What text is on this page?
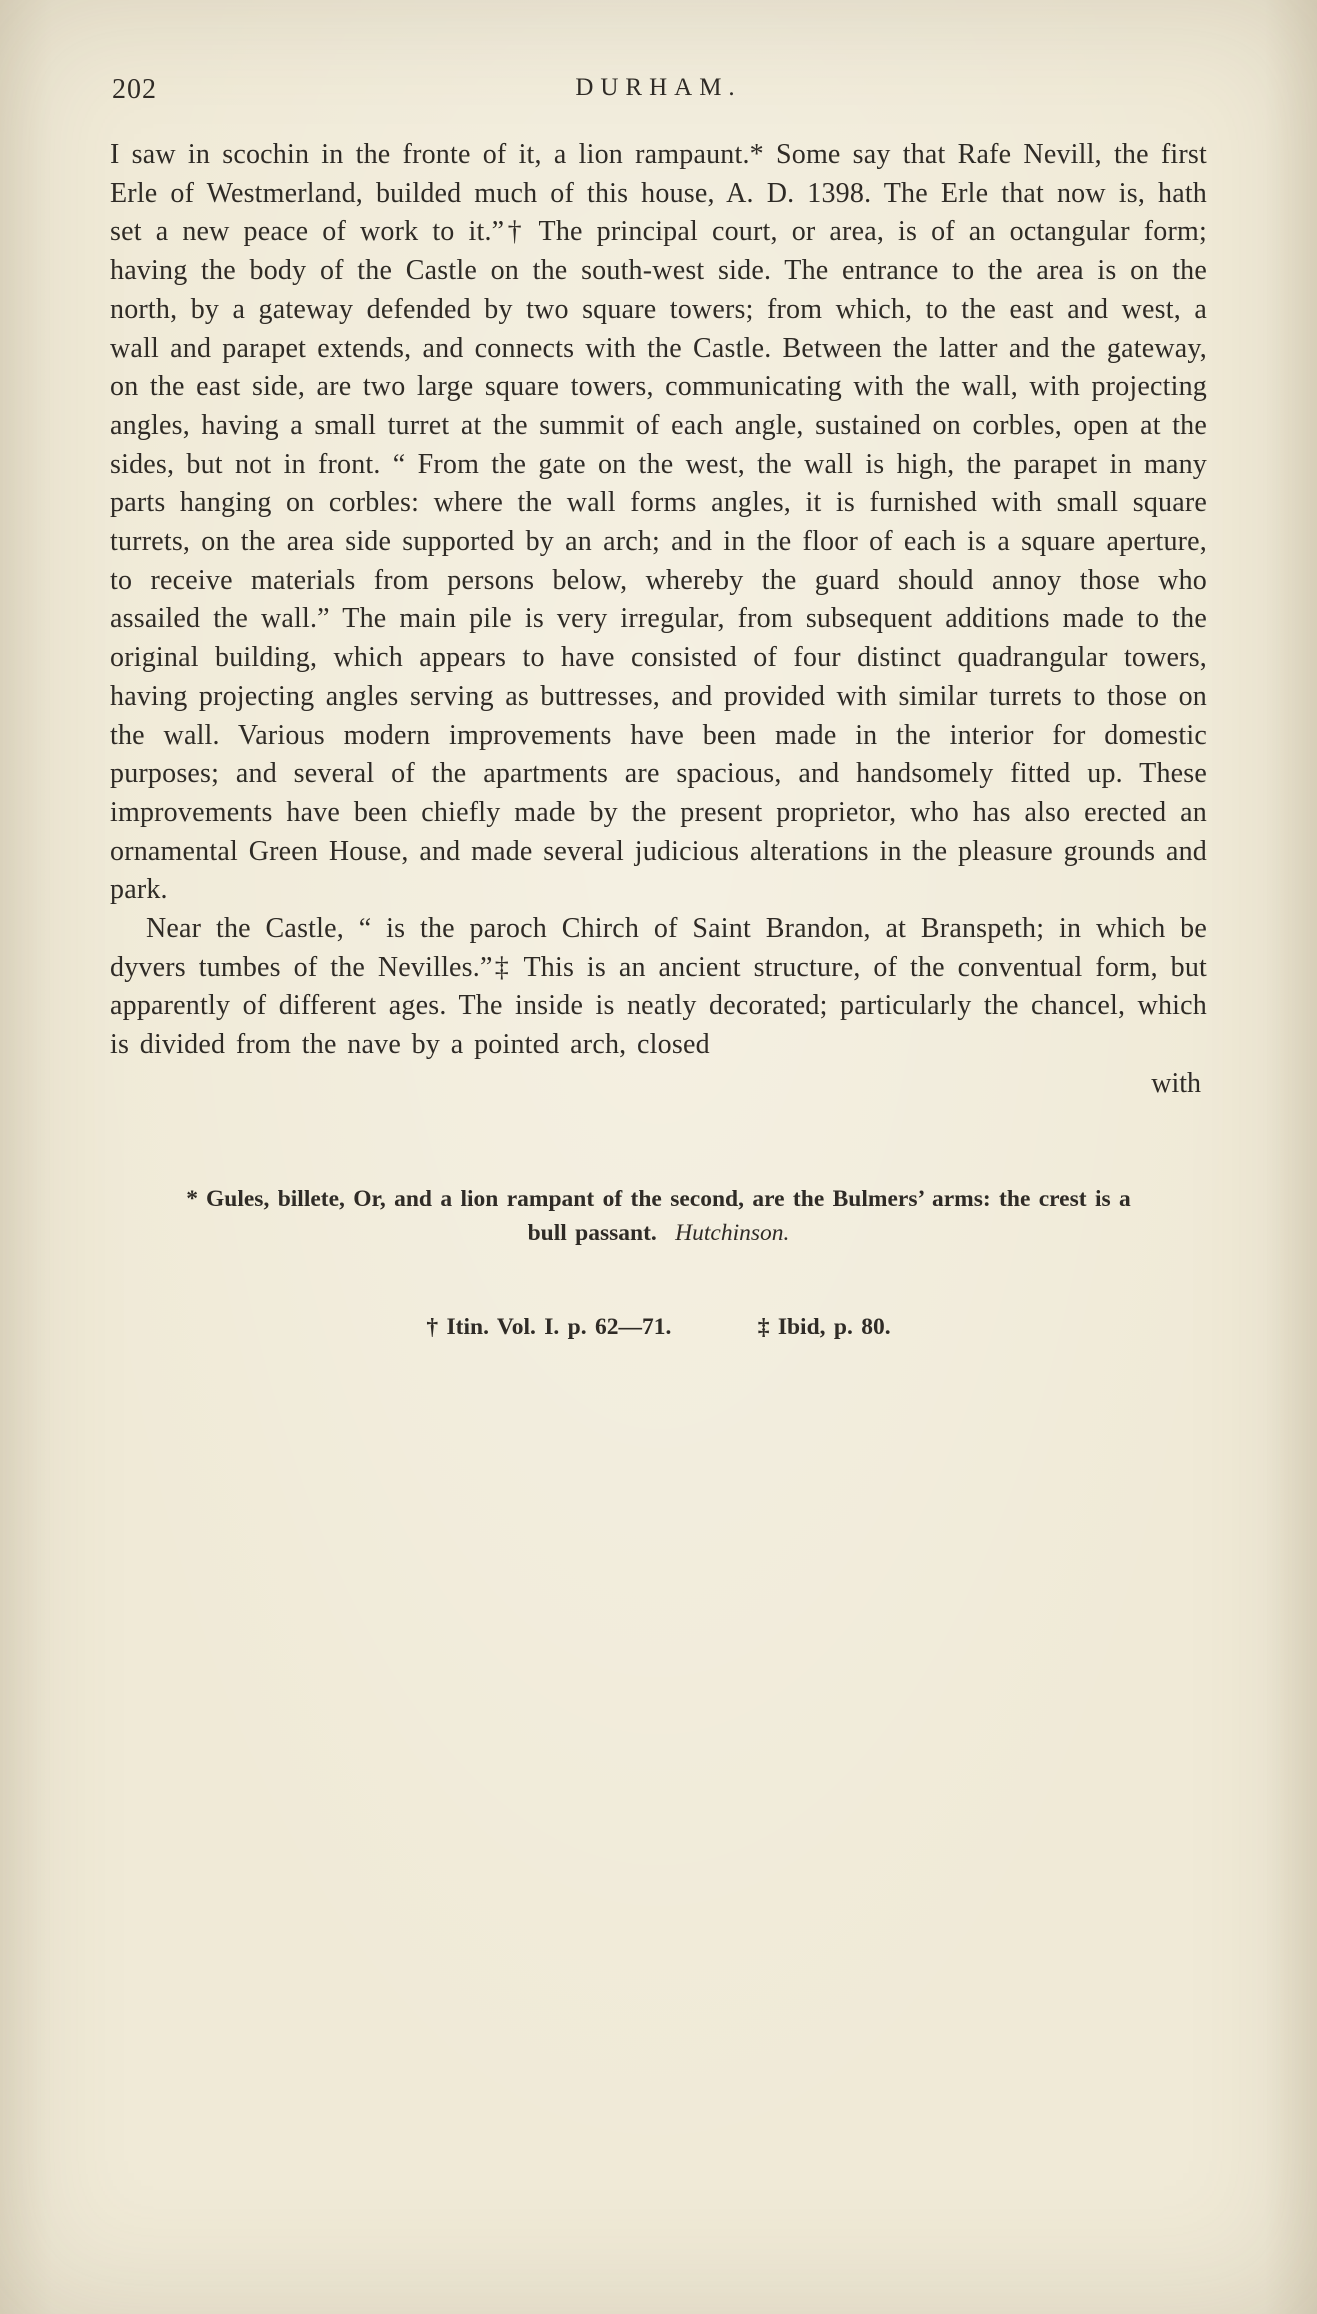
202	DURHAM.

I saw in scochin in the fronte of it, a lion rampaunt.* Some say that Rafe Nevill, the first Erle of Westmerland, builded much of this house, A. D. 1398. The Erle that now is, hath set a new peace of work to it.”† The principal court, or area, is of an octangular form; having the body of the Castle on the south-west side. The entrance to the area is on the north, by a gateway defended by two square towers; from which, to the east and west, a wall and parapet extends, and connects with the Castle. Between the latter and the gateway, on the east side, are two large square towers, communicating with the wall, with projecting angles, having a small turret at the summit of each angle, sustained on corbles, open at the sides, but not in front. “ From the gate on the west, the wall is high, the parapet in many parts hanging on corbles: where the wall forms angles, it is furnished with small square turrets, on the area side supported by an arch; and in the floor of each is a square aperture, to receive materials from persons below, whereby the guard should annoy those who assailed the wall.” The main pile is very irregular, from subsequent additions made to the original building, which appears to have consisted of four distinct quadrangular towers, having projecting angles serving as buttresses, and provided with similar turrets to those on the wall. Various modern improvements have been made in the interior for domestic purposes; and several of the apartments are spacious, and handsomely fitted up. These improvements have been chiefly made by the present proprietor, who has also erected an ornamental Green House, and made several judicious alterations in the pleasure grounds and park.

Near the Castle, “ is the paroch Chirch of Saint Brandon, at Branspeth; in which be dyvers tumbes of the Nevilles.”‡ This is an ancient structure, of the conventual form, but apparently of different ages. The inside is neatly decorated; particularly the chancel, which is divided from the nave by a pointed arch, closed

with

* Gules, billete, Or, and a lion rampant of the second, are the Bulmers’ arms: the crest is a bull passant. Hutchinson.

† Itin. Vol. I. p. 62—71.	‡ Ibid, p. 80.
